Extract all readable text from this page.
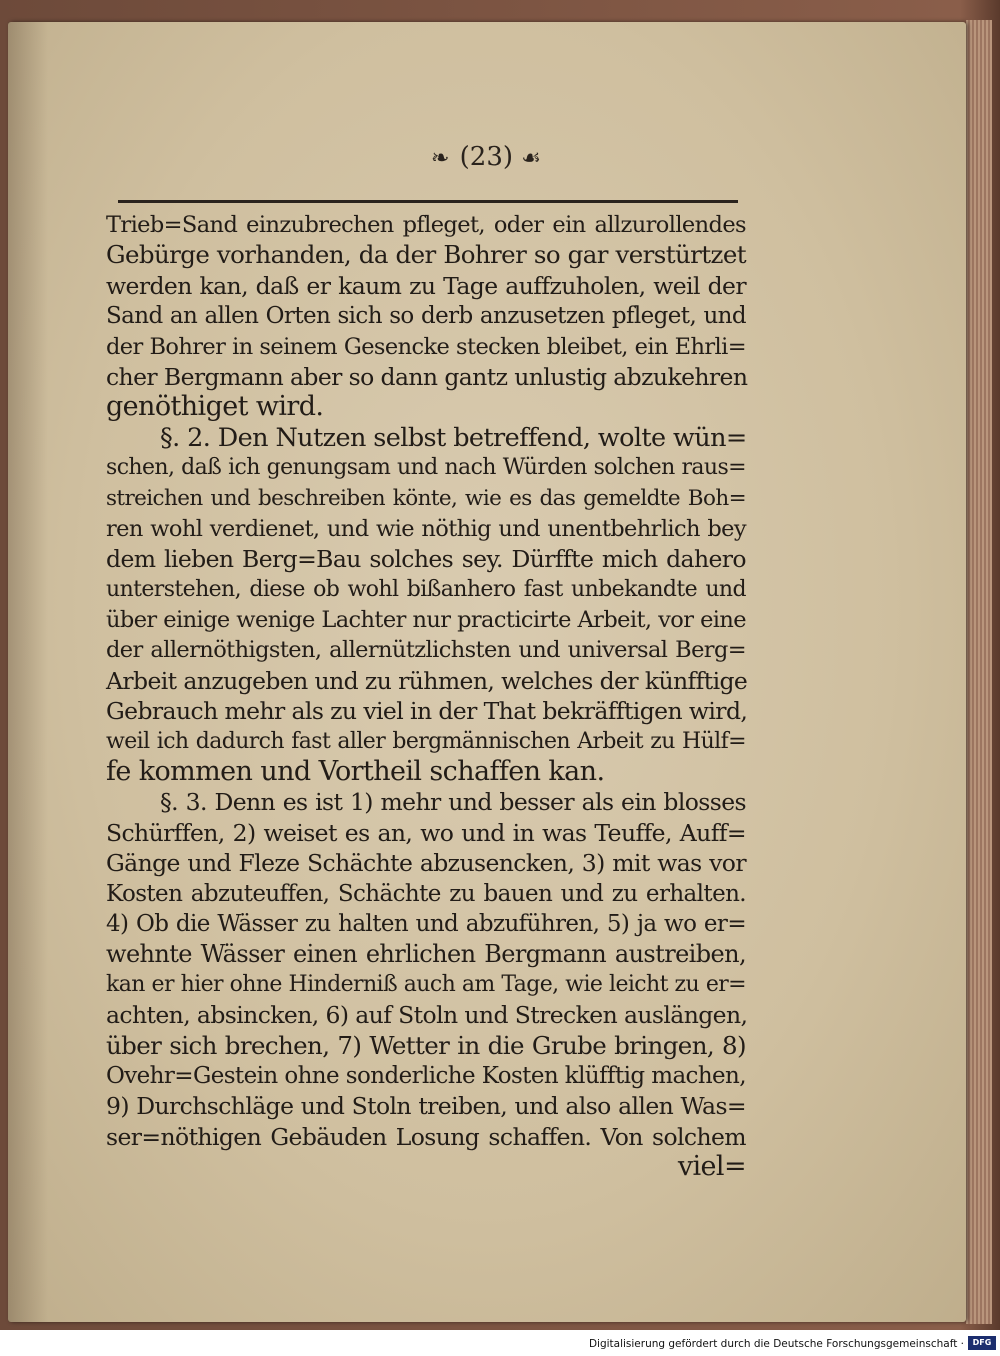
❧ (23) ☙
Trieb=Sand einzubrechen pfleget, oder ein allzurollendes
Gebürge vorhanden, da der Bohrer so gar verstürtzet
werden kan, daß er kaum zu Tage auffzuholen, weil der
Sand an allen Orten sich so derb anzusetzen pfleget, und
der Bohrer in seinem Gesencke stecken bleibet, ein Ehrli=
cher Bergmann aber so dann gantz unlustig abzukehren
genöthiget wird.
§. 2. Den Nutzen selbst betreffend, wolte wün=
schen, daß ich genungsam und nach Würden solchen raus=
streichen und beschreiben könte, wie es das gemeldte Boh=
ren wohl verdienet, und wie nöthig und unentbehrlich bey
dem lieben Berg=Bau solches sey. Dürffte mich dahero
unterstehen, diese ob wohl bißanhero fast unbekandte und
über einige wenige Lachter nur practicirte Arbeit, vor eine
der allernöthigsten, allernützlichsten und universal Berg=
Arbeit anzugeben und zu rühmen, welches der künfftige
Gebrauch mehr als zu viel in der That bekräfftigen wird,
weil ich dadurch fast aller bergmännischen Arbeit zu Hülf=
fe kommen und Vortheil schaffen kan.
§. 3. Denn es ist 1) mehr und besser als ein blosses
Schürffen, 2) weiset es an, wo und in was Teuffe, Auff=
Gänge und Fleze Schächte abzusencken, 3) mit was vor
Kosten abzuteuffen, Schächte zu bauen und zu erhalten.
4) Ob die Wässer zu halten und abzuführen, 5) ja wo er=
wehnte Wässer einen ehrlichen Bergmann austreiben,
kan er hier ohne Hinderniß auch am Tage, wie leicht zu er=
achten, absincken, 6) auf Stoln und Strecken auslängen,
über sich brechen, 7) Wetter in die Grube bringen, 8)
Ovehr=Gestein ohne sonderliche Kosten klüfftig machen,
9) Durchschläge und Stoln treiben, und also allen Was=
ser=nöthigen Gebäuden Losung schaffen. Von solchem
viel=
Digitalisierung gefördert durch die Deutsche Forschungsgemeinschaft ·	DFG
